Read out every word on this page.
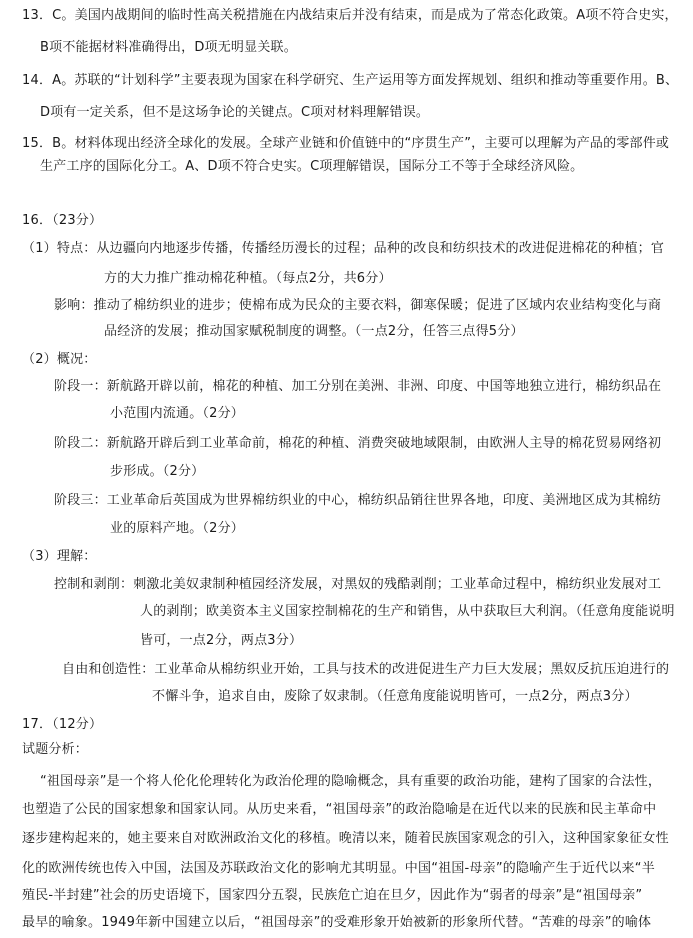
13．C。美国内战期间的临时性高关税措施在内战结束后并没有结束，而是成为了常态化政策。A项不符合史实，
B项不能据材料准确得出，D项无明显关联。
14．A。苏联的“计划科学”主要表现为国家在科学研究、生产运用等方面发挥规划、组织和推动等重要作用。B、
D项有一定关系，但不是这场争论的关键点。C项对材料理解错误。
15．B。材料体现出经济全球化的发展。全球产业链和价值链中的“序贯生产”，主要可以理解为产品的零部件或
生产工序的国际化分工。A、D项不符合史实。C项理解错误，国际分工不等于全球经济风险。
16．（23分）
（1）特点：从边疆向内地逐步传播，传播经历漫长的过程；品种的改良和纺织技术的改进促进棉花的种植；官
方的大力推广推动棉花种植。（每点2分，共6分）
影响：推动了棉纺织业的进步；使棉布成为民众的主要衣料，御寒保暖；促进了区域内农业结构变化与商
品经济的发展；推动国家赋税制度的调整。（一点2分，任答三点得5分）
（2）概况：
阶段一：新航路开辟以前，棉花的种植、加工分别在美洲、非洲、印度、中国等地独立进行，棉纺织品在
小范围内流通。（2分）
阶段二：新航路开辟后到工业革命前，棉花的种植、消费突破地域限制，由欧洲人主导的棉花贸易网络初
步形成。（2分）
阶段三：工业革命后英国成为世界棉纺织业的中心，棉纺织品销往世界各地，印度、美洲地区成为其棉纺
业的原料产地。（2分）
（3）理解：
控制和剥削：刺激北美奴隶制种植园经济发展，对黑奴的残酷剥削；工业革命过程中，棉纺织业发展对工
人的剥削；欧美资本主义国家控制棉花的生产和销售，从中获取巨大利润。（任意角度能说明
皆可，一点2分，两点3分）
自由和创造性：工业革命从棉纺织业开始，工具与技术的改进促进生产力巨大发展；黑奴反抗压迫进行的
不懈斗争，追求自由，废除了奴隶制。（任意角度能说明皆可，一点2分，两点3分）
17．（12分）
试题分析：
“祖国母亲”是一个将人伦化伦理转化为政治伦理的隐喻概念，具有重要的政治功能，建构了国家的合法性，
也塑造了公民的国家想象和国家认同。从历史来看，“祖国母亲”的政治隐喻是在近代以来的民族和民主革命中
逐步建构起来的，她主要来自对欧洲政治文化的移植。晚清以来，随着民族国家观念的引入，这种国家象征女性
化的欧洲传统也传入中国，法国及苏联政治文化的影响尤其明显。中国“祖国-母亲”的隐喻产生于近代以来“半
殖民-半封建”社会的历史语境下，国家四分五裂，民族危亡迫在旦夕，因此作为“弱者的母亲”是“祖国母亲”
最早的喻象。1949年新中国建立以后，“祖国母亲”的受难形象开始被新的形象所代替。“苦难的母亲”的喻体
